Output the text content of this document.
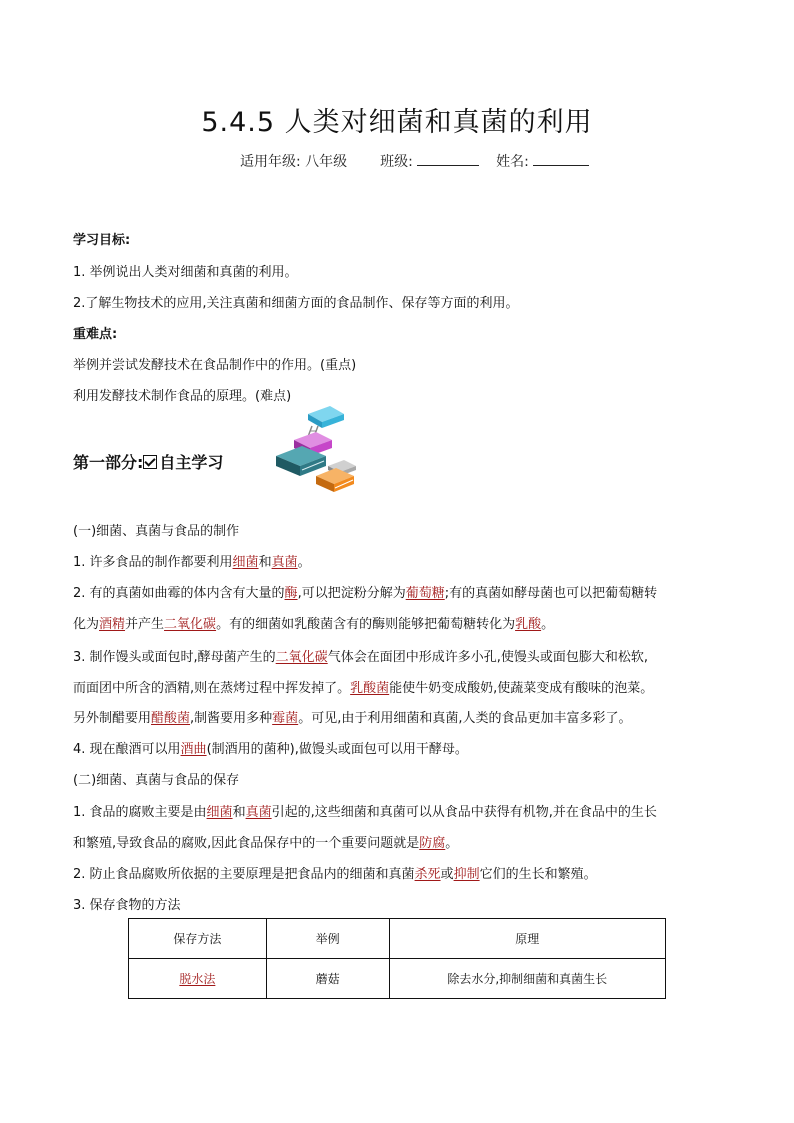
5.4.5 人类对细菌和真菌的利用
适用年级: 八年级 班级:	姓名:
学习目标:
1. 举例说出人类对细菌和真菌的利用。
2.了解生物技术的应用,关注真菌和细菌方面的食品制作、保存等方面的利用。
重难点:
举例并尝试发酵技术在食品制作中的作用。(重点)
利用发酵技术制作食品的原理。(难点)
第一部分: 自主学习
(一)细菌、真菌与食品的制作
1. 许多食品的制作都要利用细菌和真菌。
2. 有的真菌如曲霉的体内含有大量的酶,可以把淀粉分解为葡萄糖;有的真菌如酵母菌也可以把葡萄糖转
化为酒精并产生二氧化碳。有的细菌如乳酸菌含有的酶则能够把葡萄糖转化为乳酸。
3. 制作馒头或面包时,酵母菌产生的二氧化碳气体会在面团中形成许多小孔,使馒头或面包膨大和松软,
而面团中所含的酒精,则在蒸烤过程中挥发掉了。乳酸菌能使牛奶变成酸奶,使蔬菜变成有酸味的泡菜。
另外制醋要用醋酸菌,制酱要用多种霉菌。可见,由于利用细菌和真菌,人类的食品更加丰富多彩了。
4. 现在酿酒可以用酒曲(制酒用的菌种),做馒头或面包可以用干酵母。
(二)细菌、真菌与食品的保存
1. 食品的腐败主要是由细菌和真菌引起的,这些细菌和真菌可以从食品中获得有机物,并在食品中的生长
和繁殖,导致食品的腐败,因此食品保存中的一个重要问题就是防腐。
2. 防止食品腐败所依据的主要原理是把食品内的细菌和真菌杀死或抑制它们的生长和繁殖。
3. 保存食物的方法
保存方法	举例	原理
脱水法	蘑菇	除去水分,抑制细菌和真菌生长
